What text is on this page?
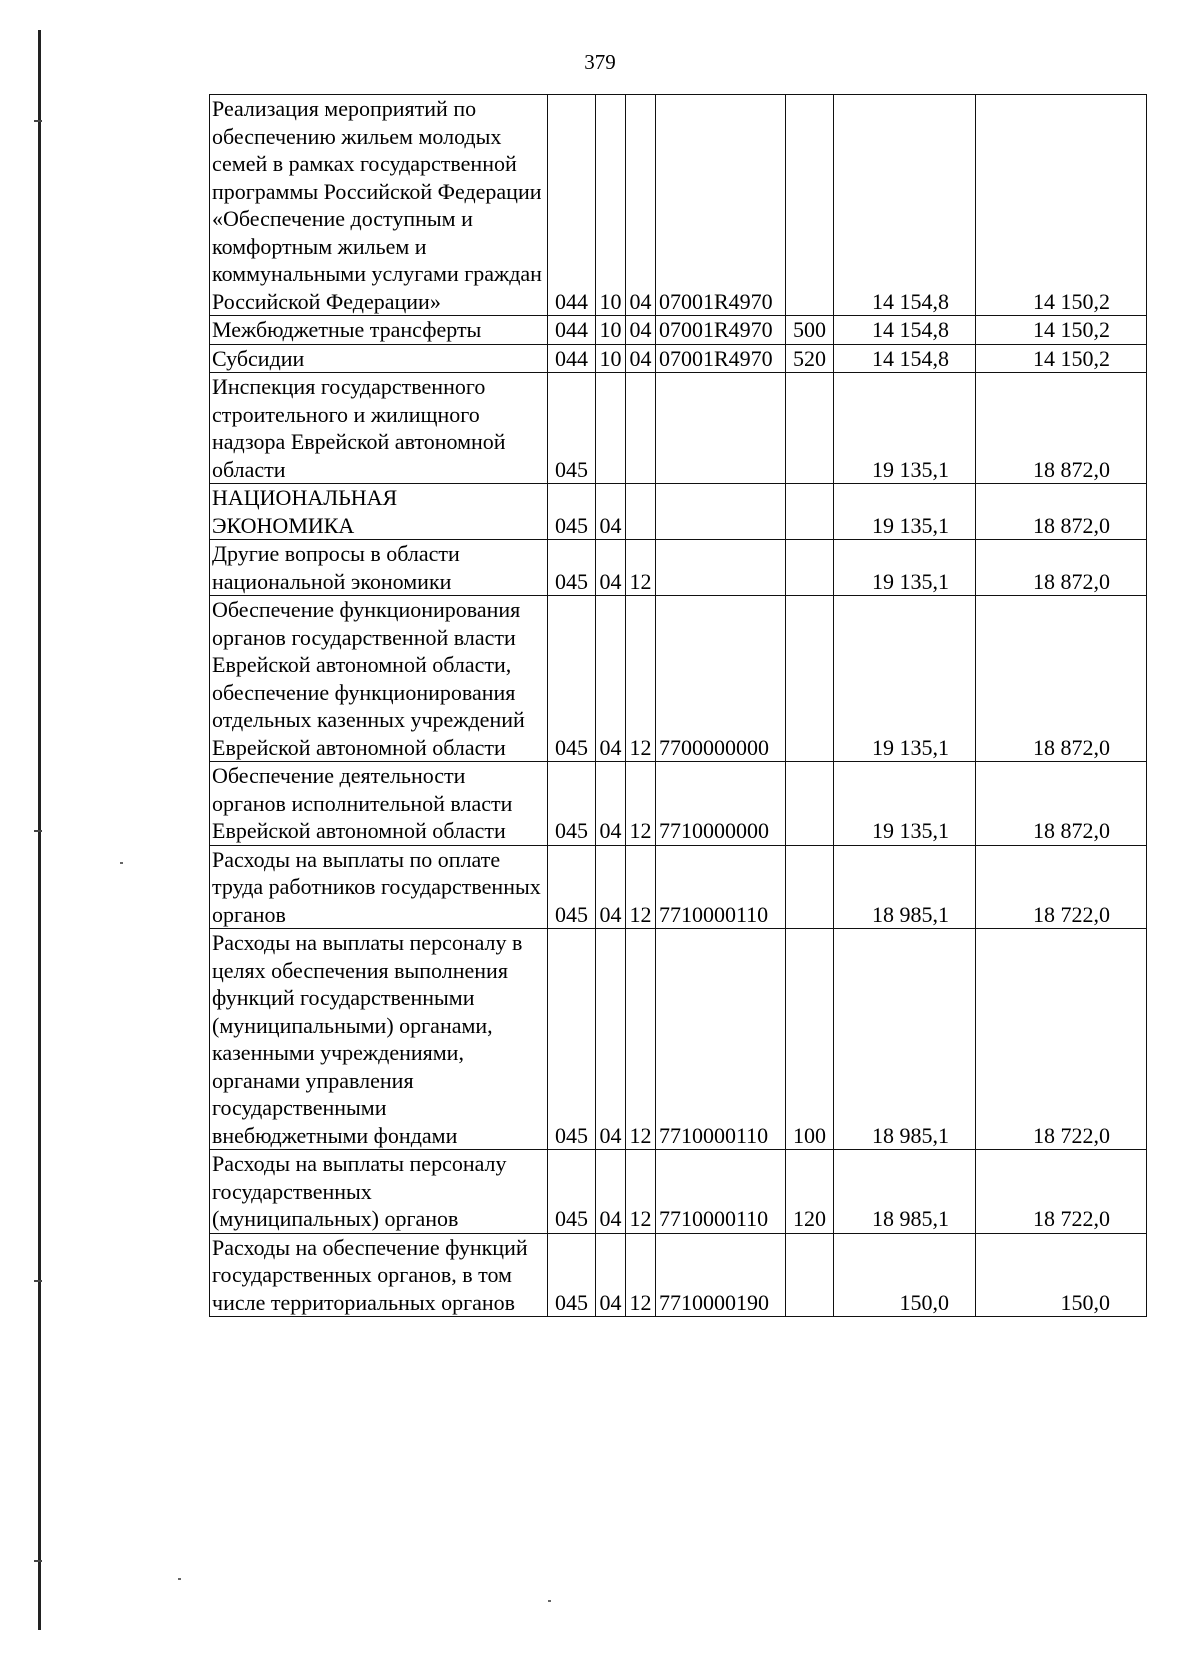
379
Реализация мероприятий по обеспечению жильем молодых семей в рамках государственной программы Российской Федерации «Обеспечение доступным и комфортным жильем и коммунальными услугами граждан Российской Федерации»	044	10	04	07001R4970		14 154,8	14 150,2
Межбюджетные трансферты	044	10	04	07001R4970	500	14 154,8	14 150,2
Субсидии	044	10	04	07001R4970	520	14 154,8	14 150,2
Инспекция государственного строительного и жилищного надзора Еврейской автономной области	045					19 135,1	18 872,0
НАЦИОНАЛЬНАЯ ЭКОНОМИКА	045	04				19 135,1	18 872,0
Другие вопросы в области национальной экономики	045	04	12			19 135,1	18 872,0
Обеспечение функционирования органов государственной власти Еврейской автономной области, обеспечение функционирования отдельных казенных учреждений Еврейской автономной области	045	04	12	7700000000		19 135,1	18 872,0
Обеспечение деятельности органов исполнительной власти Еврейской автономной области	045	04	12	7710000000		19 135,1	18 872,0
Расходы на выплаты по оплате труда работников государственных органов	045	04	12	7710000110		18 985,1	18 722,0
Расходы на выплаты персоналу в целях обеспечения выполнения функций государственными (муниципальными) органами, казенными учреждениями, органами управления государственными внебюджетными фондами	045	04	12	7710000110	100	18 985,1	18 722,0
Расходы на выплаты персоналу государственных (муниципальных) органов	045	04	12	7710000110	120	18 985,1	18 722,0
Расходы на обеспечение функций государственных органов, в том числе территориальных органов	045	04	12	7710000190		150,0	150,0
